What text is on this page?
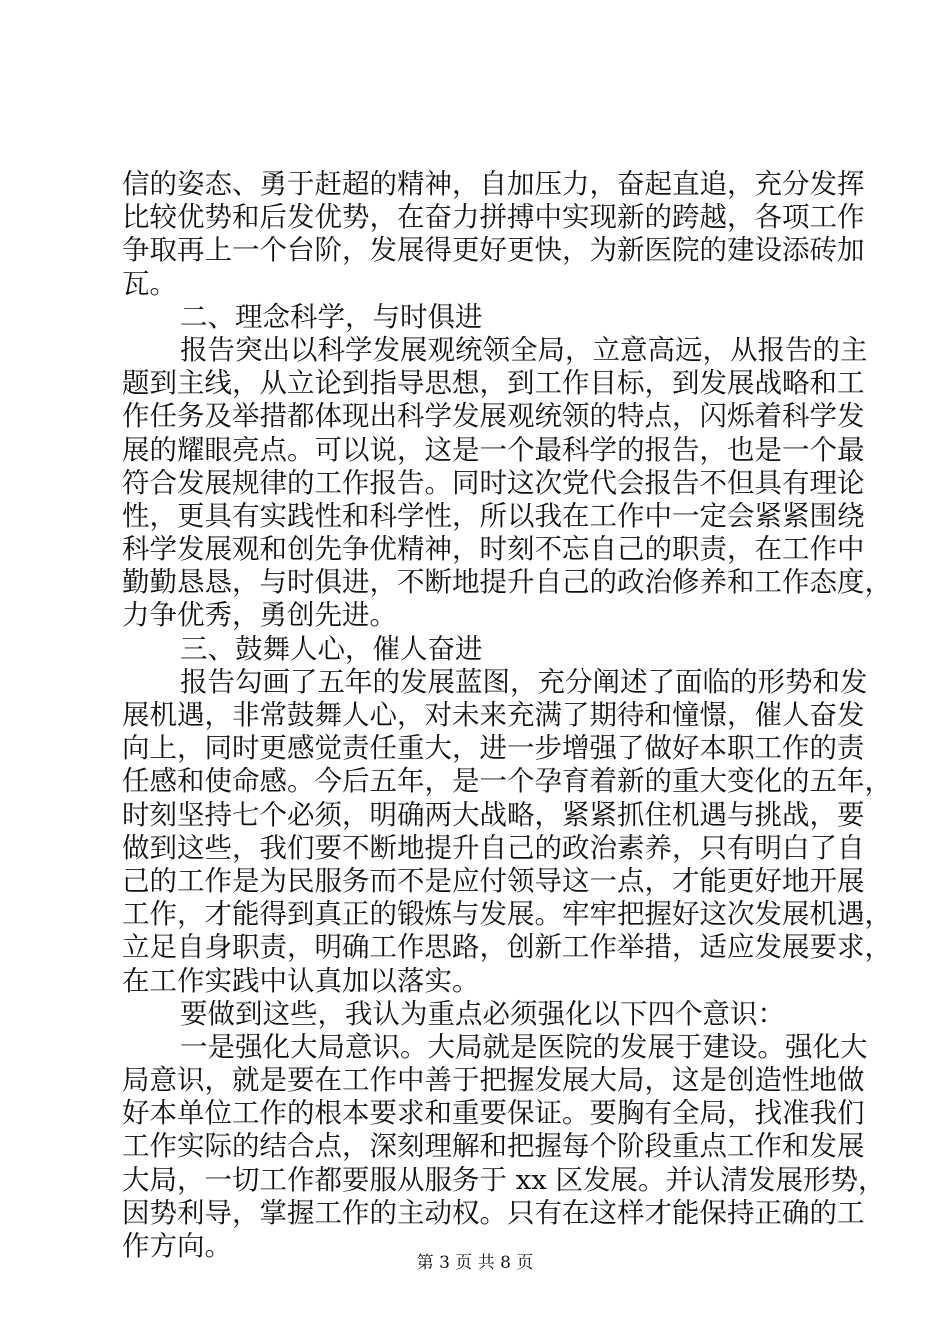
信的姿态、勇于赶超的精神，自加压力，奋起直追，充分发挥

比较优势和后发优势，在奋力拼搏中实现新的跨越，各项工作

争取再上一个台阶，发展得更好更快，为新医院的建设添砖加

瓦。

二、理念科学，与时俱进

报告突出以科学发展观统领全局，立意高远，从报告的主

题到主线，从立论到指导思想，到工作目标，到发展战略和工

作任务及举措都体现出科学发展观统领的特点，闪烁着科学发

展的耀眼亮点。可以说，这是一个最科学的报告，也是一个最

符合发展规律的工作报告。同时这次党代会报告不但具有理论

性，更具有实践性和科学性，所以我在工作中一定会紧紧围绕

科学发展观和创先争优精神，时刻不忘自己的职责，在工作中

勤勤恳恳，与时俱进，不断地提升自己的政治修养和工作态度，

力争优秀，勇创先进。

三、鼓舞人心，催人奋进

报告勾画了五年的发展蓝图，充分阐述了面临的形势和发

展机遇，非常鼓舞人心，对未来充满了期待和憧憬，催人奋发

向上，同时更感觉责任重大，进一步增强了做好本职工作的责

任感和使命感。今后五年，是一个孕育着新的重大变化的五年，

时刻坚持七个必须，明确两大战略，紧紧抓住机遇与挑战，要

做到这些，我们要不断地提升自己的政治素养，只有明白了自

己的工作是为民服务而不是应付领导这一点，才能更好地开展

工作，才能得到真正的锻炼与发展。牢牢把握好这次发展机遇，

立足自身职责，明确工作思路，创新工作举措，适应发展要求，

在工作实践中认真加以落实。

要做到这些，我认为重点必须强化以下四个意识：

一是强化大局意识。大局就是医院的发展于建设。强化大

局意识，就是要在工作中善于把握发展大局，这是创造性地做

好本单位工作的根本要求和重要保证。要胸有全局，找准我们

工作实际的结合点，深刻理解和把握每个阶段重点工作和发展

大局，一切工作都要服从服务于 xx 区发展。并认清发展形势，

因势利导，掌握工作的主动权。只有在这样才能保持正确的工

作方向。

第 3 页 共 8 页
